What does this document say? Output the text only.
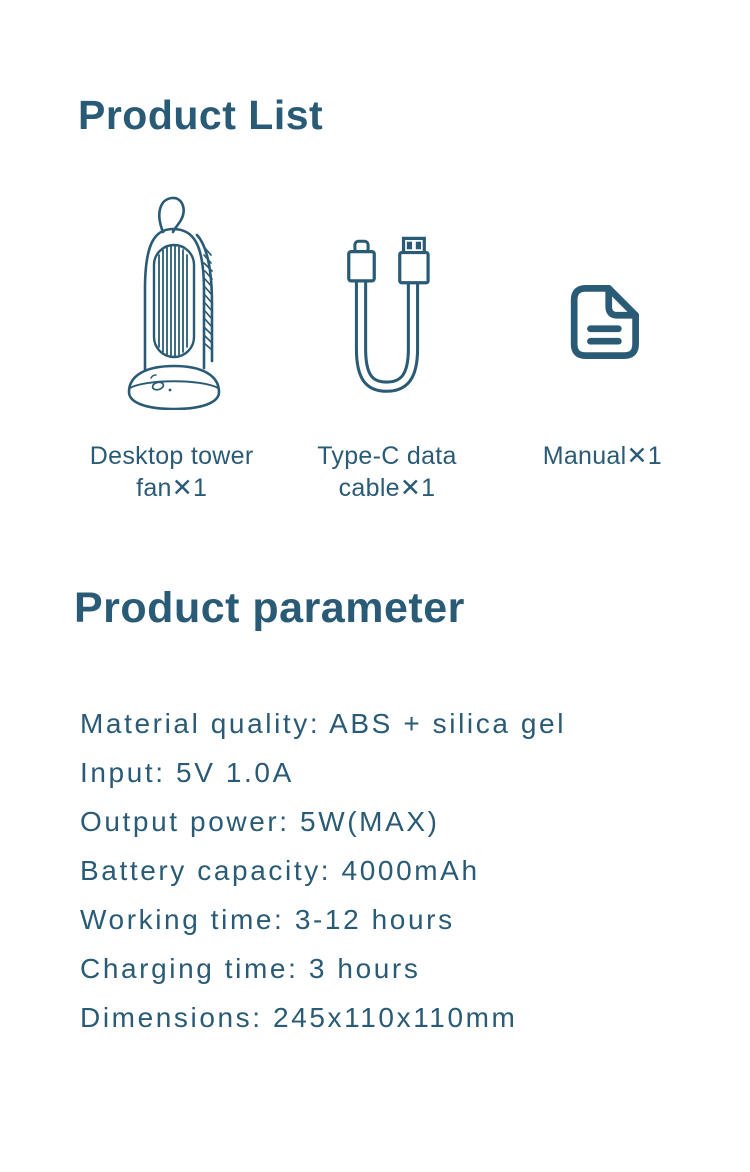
Product List
Desktop tower fan✕1
Type-C data cable✕1
Manual✕1
Product parameter
Material quality: ABS + silica gel
Input: 5V 1.0A
Output power: 5W(MAX)
Battery capacity: 4000mAh
Working time: 3-12 hours
Charging time: 3 hours
Dimensions: 245x110x110mm
